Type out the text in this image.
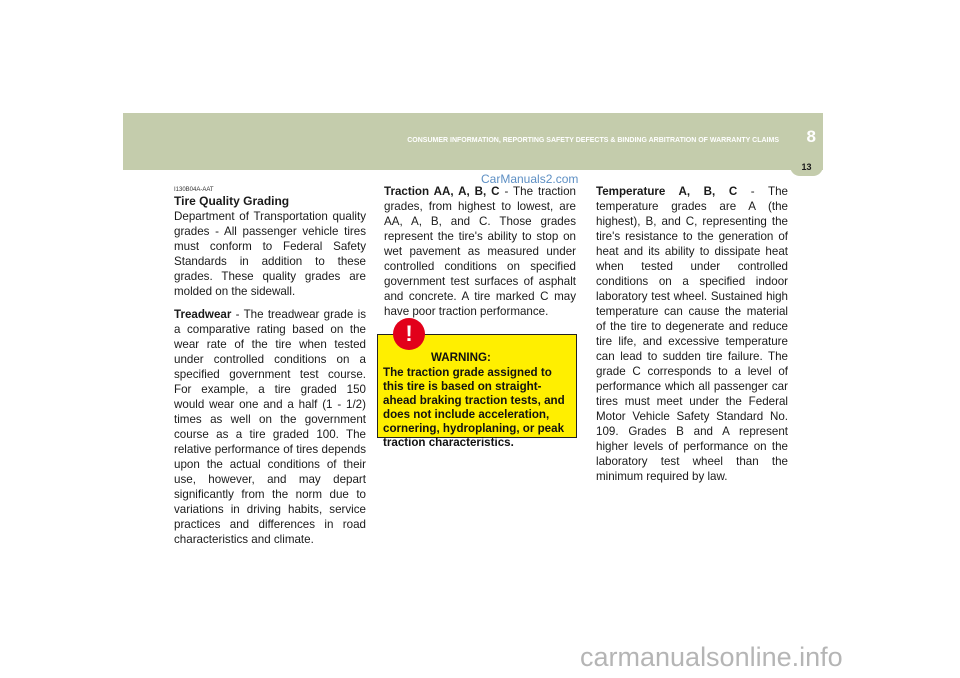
CONSUMER INFORMATION, REPORTING SAFETY DEFECTS & BINDING ARBITRATION OF WARRANTY CLAIMS 8
13
CarManuals2.com
I130B04A-AAT
Tire Quality Grading

Department of Transportation quality grades - All passenger vehicle tires must conform to Federal Safety Standards in addition to these grades. These quality grades are molded on the sidewall.

Treadwear - The treadwear grade is a comparative rating based on the wear rate of the tire when tested under controlled conditions on a specified government test course. For example, a tire graded 150 would wear one and a half (1 - 1/2) times as well on the government course as a tire graded 100. The relative performance of tires depends upon the actual conditions of their use, however, and may depart significantly from the norm due to variations in driving habits, service practices and differences in road characteristics and climate.

Traction AA, A, B, C - The traction grades, from highest to lowest, are AA, A, B, and C. Those grades represent the tire's ability to stop on wet pavement as measured under controlled conditions on specified government test surfaces of asphalt and concrete. A tire marked C may have poor traction performance.

!
WARNING:
The traction grade assigned to this tire is based on straight-ahead braking traction tests, and does not include acceleration, cornering, hydroplaning, or peak traction characteristics.

Temperature A, B, C - The temperature grades are A (the highest), B, and C, representing the tire's resistance to the generation of heat and its ability to dissipate heat when tested under controlled conditions on a specified indoor laboratory test wheel. Sustained high temperature can cause the material of the tire to degenerate and reduce tire life, and excessive temperature can lead to sudden tire failure. The grade C corresponds to a level of performance which all passenger car tires must meet under the Federal Motor Vehicle Safety Standard No. 109. Grades B and A represent higher levels of performance on the laboratory test wheel than the minimum required by law.

carmanualsonline.info
